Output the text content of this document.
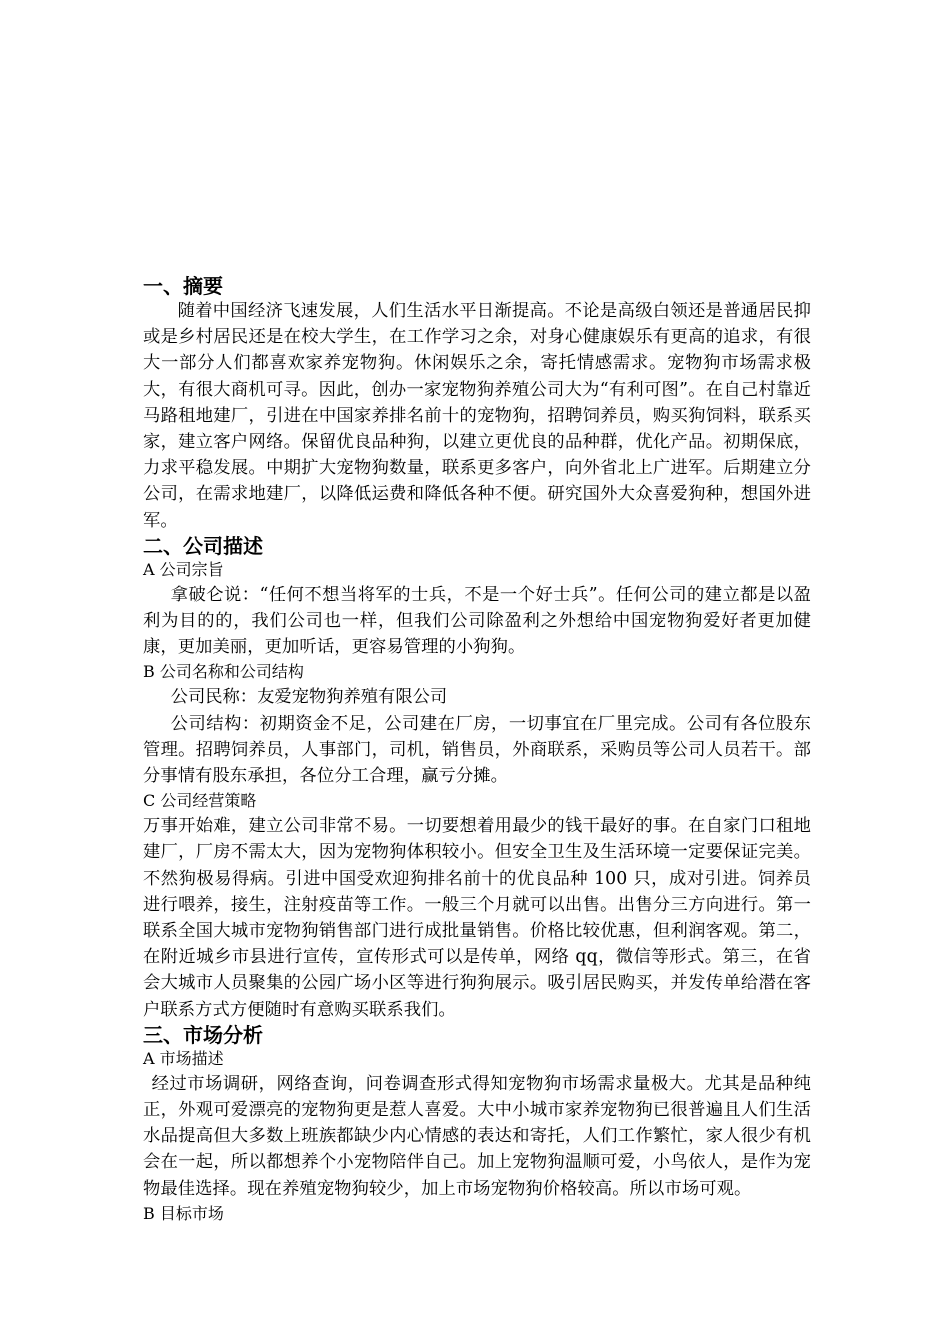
一、摘要

随着中国经济飞速发展，人们生活水平日渐提高。不论是高级白领还是普通居民抑或是乡村居民还是在校大学生，在工作学习之余，对身心健康娱乐有更高的追求，有很大一部分人们都喜欢家养宠物狗。休闲娱乐之余，寄托情感需求。宠物狗市场需求极大，有很大商机可寻。因此，创办一家宠物狗养殖公司大为“有利可图”。在自己村靠近马路租地建厂，引进在中国家养排名前十的宠物狗，招聘饲养员，购买狗饲料，联系买家，建立客户网络。保留优良品种狗，以建立更优良的品种群，优化产品。初期保底，力求平稳发展。中期扩大宠物狗数量，联系更多客户，向外省北上广进军。后期建立分公司，在需求地建厂，以降低运费和降低各种不便。研究国外大众喜爱狗种，想国外进军。

二、公司描述
A 公司宗旨

拿破仑说：“任何不想当将军的士兵，不是一个好士兵”。任何公司的建立都是以盈利为目的的，我们公司也一样，但我们公司除盈利之外想给中国宠物狗爱好者更加健康，更加美丽，更加听话，更容易管理的小狗狗。

B 公司名称和公司结构

公司民称：友爱宠物狗养殖有限公司

公司结构：初期资金不足，公司建在厂房，一切事宜在厂里完成。公司有各位股东管理。招聘饲养员，人事部门，司机，销售员，外商联系，采购员等公司人员若干。部分事情有股东承担，各位分工合理，赢亏分摊。

C 公司经营策略

万事开始难，建立公司非常不易。一切要想着用最少的钱干最好的事。在自家门口租地建厂，厂房不需太大，因为宠物狗体积较小。但安全卫生及生活环境一定要保证完美。不然狗极易得病。引进中国受欢迎狗排名前十的优良品种 100 只，成对引进。饲养员进行喂养，接生，注射疫苗等工作。一般三个月就可以出售。出售分三方向进行。第一联系全国大城市宠物狗销售部门进行成批量销售。价格比较优惠，但利润客观。第二，在附近城乡市县进行宣传，宣传形式可以是传单，网络 qq，微信等形式。第三，在省会大城市人员聚集的公园广场小区等进行狗狗展示。吸引居民购买，并发传单给潜在客户联系方式方便随时有意购买联系我们。

三、市场分析
A 市场描述

经过市场调研，网络查询，问卷调查形式得知宠物狗市场需求量极大。尤其是品种纯正，外观可爱漂亮的宠物狗更是惹人喜爱。大中小城市家养宠物狗已很普遍且人们生活水品提高但大多数上班族都缺少内心情感的表达和寄托，人们工作繁忙，家人很少有机会在一起，所以都想养个小宠物陪伴自己。加上宠物狗温顺可爱，小鸟依人，是作为宠物最佳选择。现在养殖宠物狗较少，加上市场宠物狗价格较高。所以市场可观。

B 目标市场
